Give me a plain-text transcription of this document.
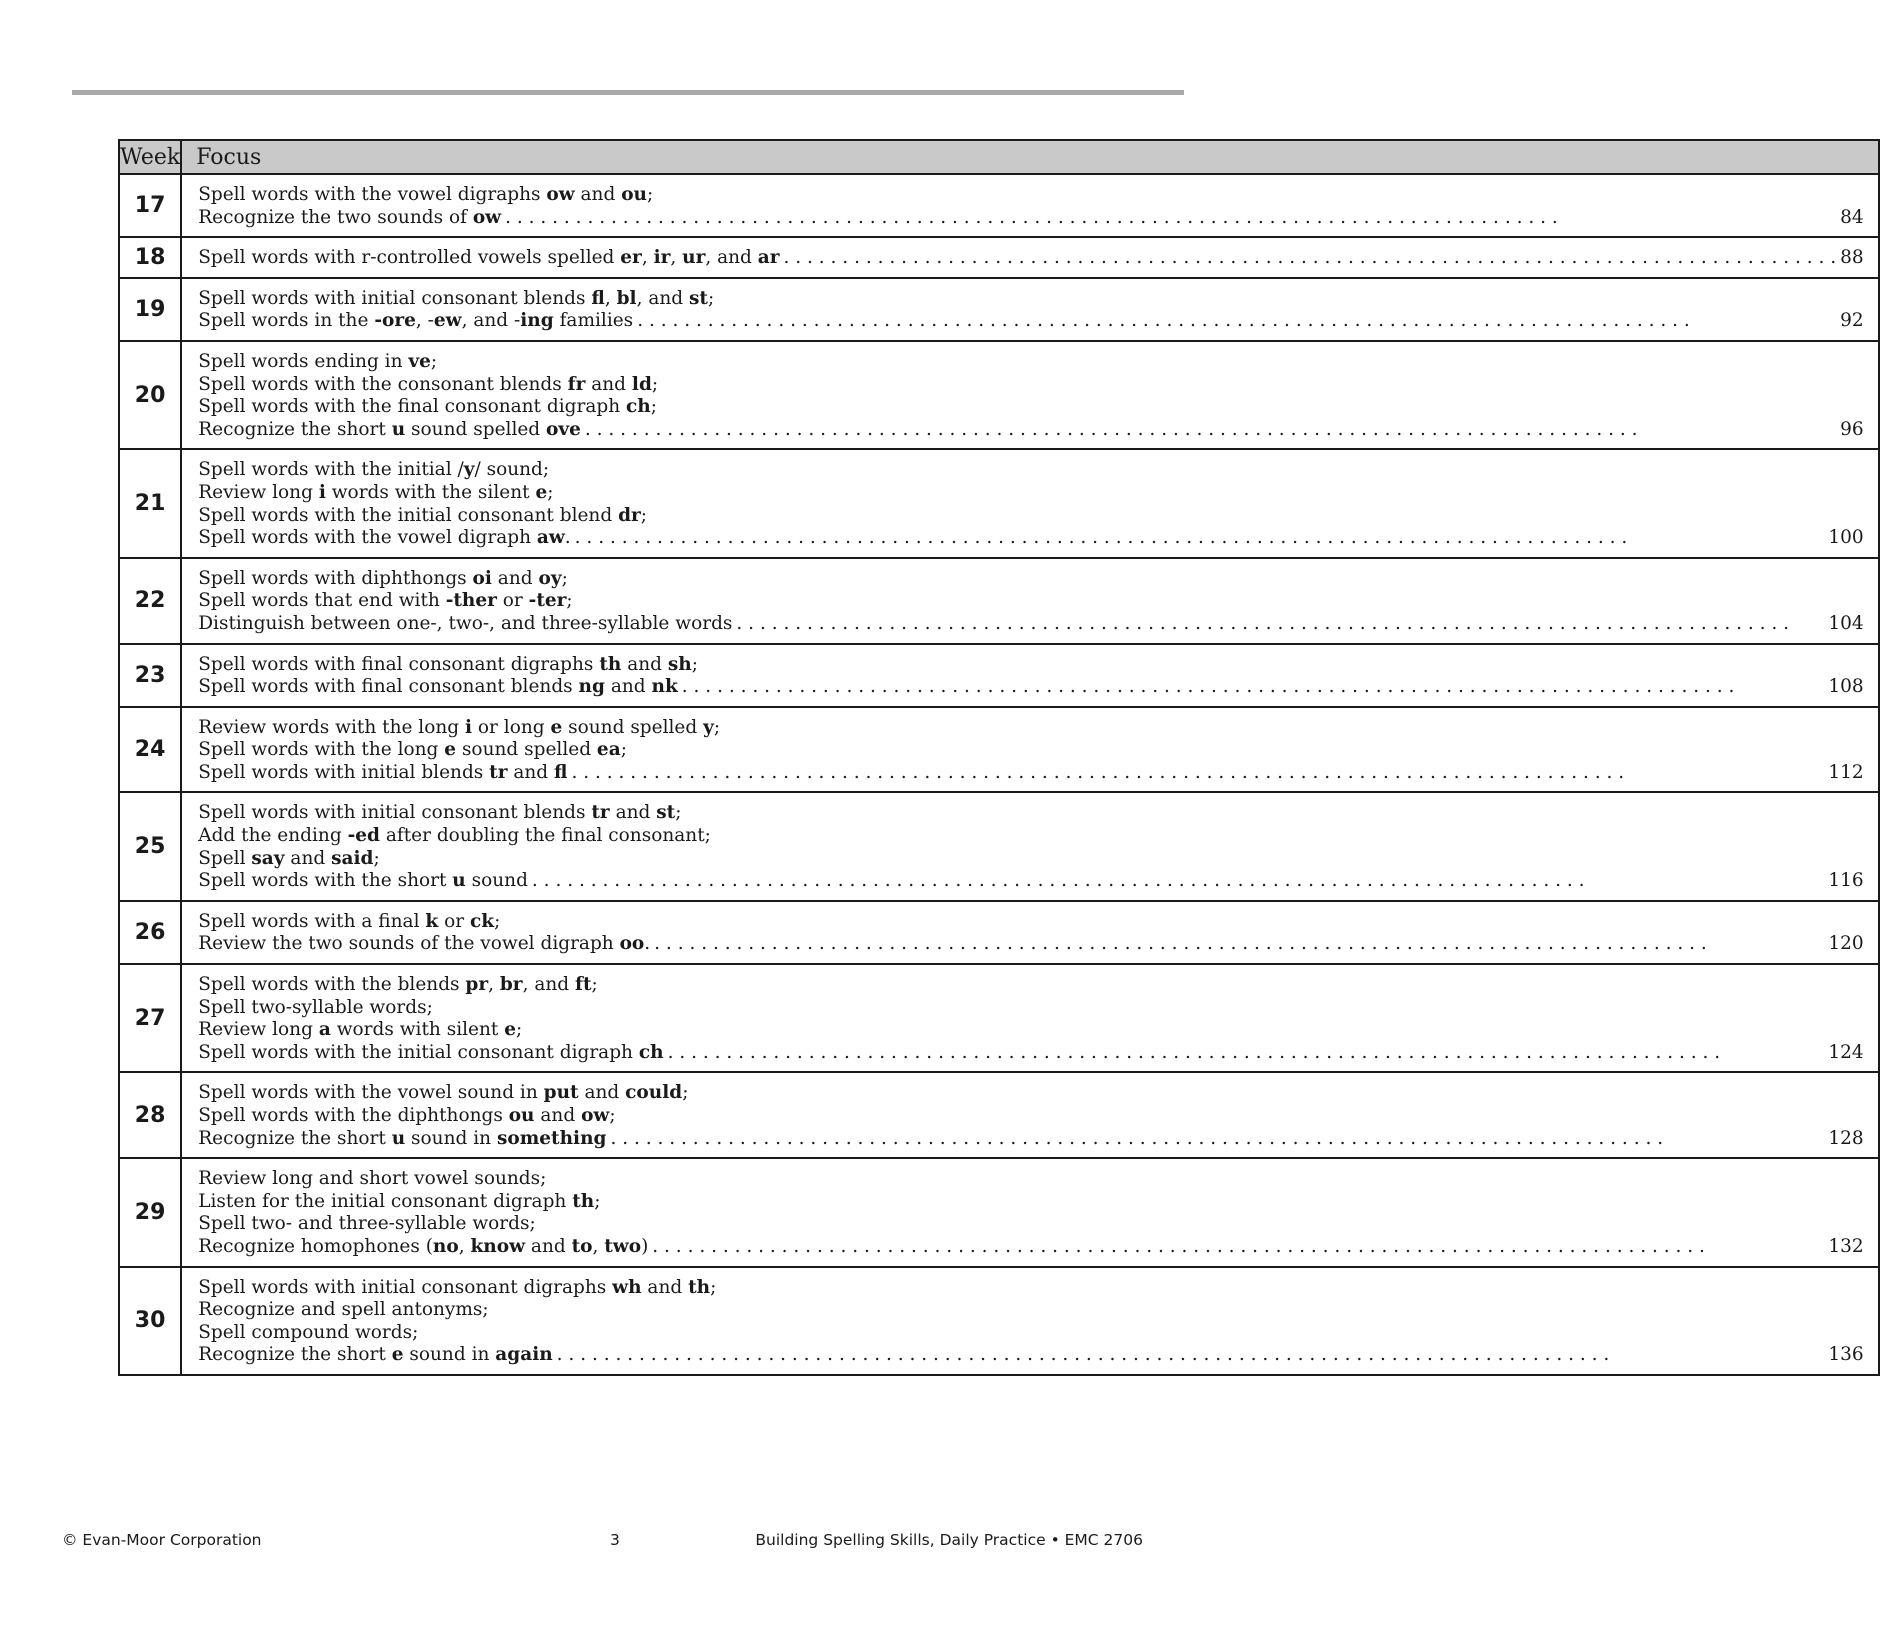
Week	Focus
17	Spell words with the vowel digraphs ow and ou;
Recognize the two sounds of ow . . . 84

18	Spell words with r-controlled vowels spelled er, ir, ur, and ar . . . 88

19	Spell words with initial consonant blends fl, bl, and st;
Spell words in the -ore, -ew, and -ing families . . . 92

20	Spell words ending in ve;
Spell words with the consonant blends fr and ld;
Spell words with the final consonant digraph ch;
Recognize the short u sound spelled ove . . . 96

21	Spell words with the initial /y/ sound;
Review long i words with the silent e;
Spell words with the initial consonant blend dr;
Spell words with the vowel digraph aw. . . . 100

22	Spell words with diphthongs oi and oy;
Spell words that end with -ther or -ter;
Distinguish between one-, two-, and three-syllable words . . . 104

23	Spell words with final consonant digraphs th and sh;
Spell words with final consonant blends ng and nk . . . 108

24	Review words with the long i or long e sound spelled y;
Spell words with the long e sound spelled ea;
Spell words with initial blends tr and fl . . . 112

25	Spell words with initial consonant blends tr and st;
Add the ending -ed after doubling the final consonant;
Spell say and said;
Spell words with the short u sound . . . 116

26	Spell words with a final k or ck;
Review the two sounds of the vowel digraph oo. . . . 120

27	Spell words with the blends pr, br, and ft;
Spell two-syllable words;
Review long a words with silent e;
Spell words with the initial consonant digraph ch . . . 124

28	Spell words with the vowel sound in put and could;
Spell words with the diphthongs ou and ow;
Recognize the short u sound in something . . . 128

29	Review long and short vowel sounds;
Listen for the initial consonant digraph th;
Spell two- and three-syllable words;
Recognize homophones (no, know and to, two) . . . 132

30	Spell words with initial consonant digraphs wh and th;
Recognize and spell antonyms;
Spell compound words;
Recognize the short e sound in again . . . 136
© Evan-Moor Corporation	3	Building Spelling Skills, Daily Practice • EMC 2706
